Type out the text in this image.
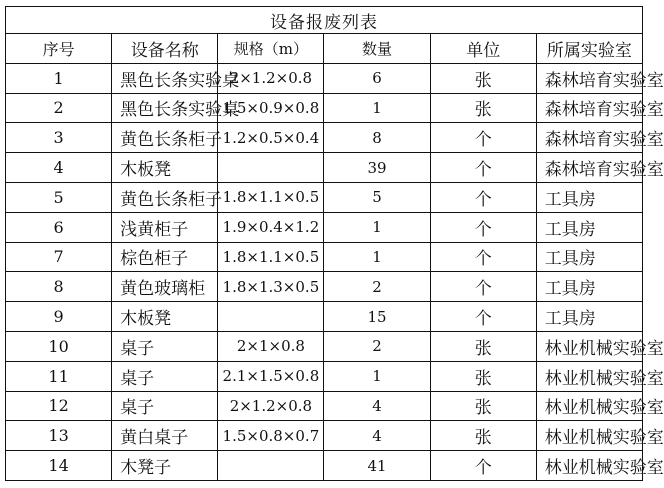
设备报废列表					
序号	设备名称	规格（m）	数量	单位	所属实验室
1	黑色长条实验桌	2×1.2×0.8	6	张	森林培育实验室
2	黑色长条实验桌	1.5×0.9×0.8	1	张	森林培育实验室
3	黄色长条柜子	1.2×0.5×0.4	8	个	森林培育实验室
4	木板凳		39	个	森林培育实验室
5	黄色长条柜子	1.8×1.1×0.5	5	个	工具房
6	浅黄柜子	1.9×0.4×1.2	1	个	工具房
7	棕色柜子	1.8×1.1×0.5	1	个	工具房
8	黄色玻璃柜	1.8×1.3×0.5	2	个	工具房
9	木板凳		15	个	工具房
10	桌子	2×1×0.8	2	张	林业机械实验室
11	桌子	2.1×1.5×0.8	1	张	林业机械实验室
12	桌子	2×1.2×0.8	4	张	林业机械实验室
13	黄白桌子	1.5×0.8×0.7	4	张	林业机械实验室
14	木凳子		41	个	林业机械实验室
